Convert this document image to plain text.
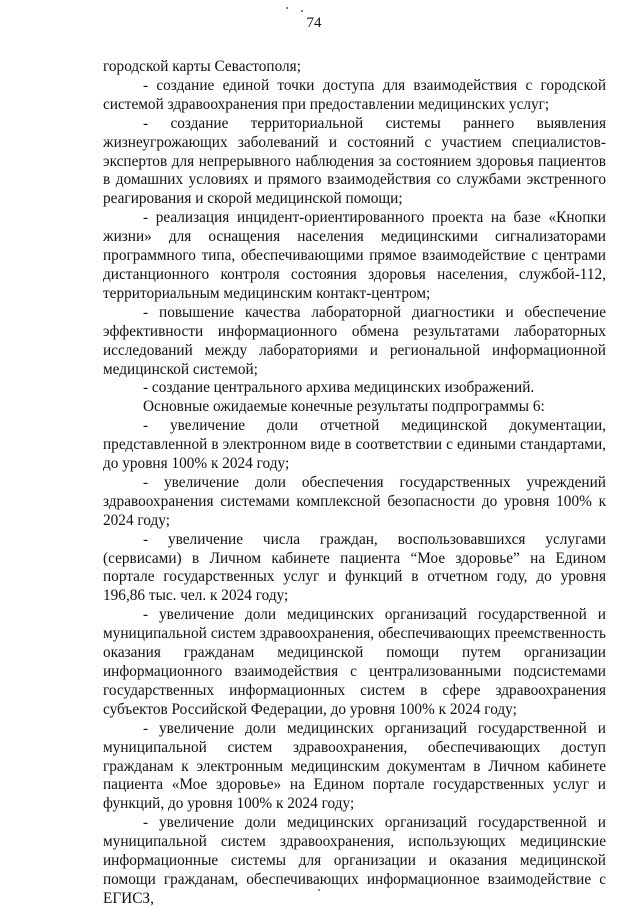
74

городской карты Севастополя;

- создание единой точки доступа для взаимодействия с городской системой здравоохранения при предоставлении медицинских услуг;

- создание территориальной системы раннего выявления жизнеугрожающих заболеваний и состояний с участием специалистов-экспертов для непрерывного наблюдения за состоянием здоровья пациентов в домашних условиях и прямого взаимодействия со службами экстренного реагирования и скорой медицинской помощи;

- реализация инцидент-ориентированного проекта на базе «Кнопки жизни» для оснащения населения медицинскими сигнализаторами программного типа, обеспечивающими прямое взаимодействие с центрами дистанционного контроля состояния здоровья населения, службой-112, территориальным медицинским контакт-центром;

- повышение качества лабораторной диагностики и обеспечение эффективности информационного обмена результатами лабораторных исследований между лабораториями и региональной информационной медицинской системой;

- создание центрального архива медицинских изображений.

Основные ожидаемые конечные результаты подпрограммы 6:

- увеличение доли отчетной медицинской документации, представленной в электронном виде в соответствии с едиными стандартами, до уровня 100% к 2024 году;

- увеличение доли обеспечения государственных учреждений здравоохранения системами комплексной безопасности до уровня 100% к 2024 году;

- увеличение числа граждан, воспользовавшихся услугами (сервисами) в Личном кабинете пациента “Мое здоровье” на Едином портале государственных услуг и функций в отчетном году, до уровня 196,86 тыс. чел. к 2024 году;

- увеличение доли медицинских организаций государственной и муниципальной систем здравоохранения, обеспечивающих преемственность оказания гражданам медицинской помощи путем организации информационного взаимодействия с централизованными подсистемами государственных информационных систем в сфере здравоохранения субъектов Российской Федерации, до уровня 100% к 2024 году;

- увеличение доли медицинских организаций государственной и муниципальной систем здравоохранения, обеспечивающих доступ гражданам к электронным медицинским документам в Личном кабинете пациента «Мое здоровье» на Едином портале государственных услуг и функций, до уровня 100% к 2024 году;

- увеличение доли медицинских организаций государственной и муниципальной систем здравоохранения, использующих медицинские информационные системы для организации и оказания медицинской помощи гражданам, обеспечивающих информационное взаимодействие с ЕГИСЗ,
